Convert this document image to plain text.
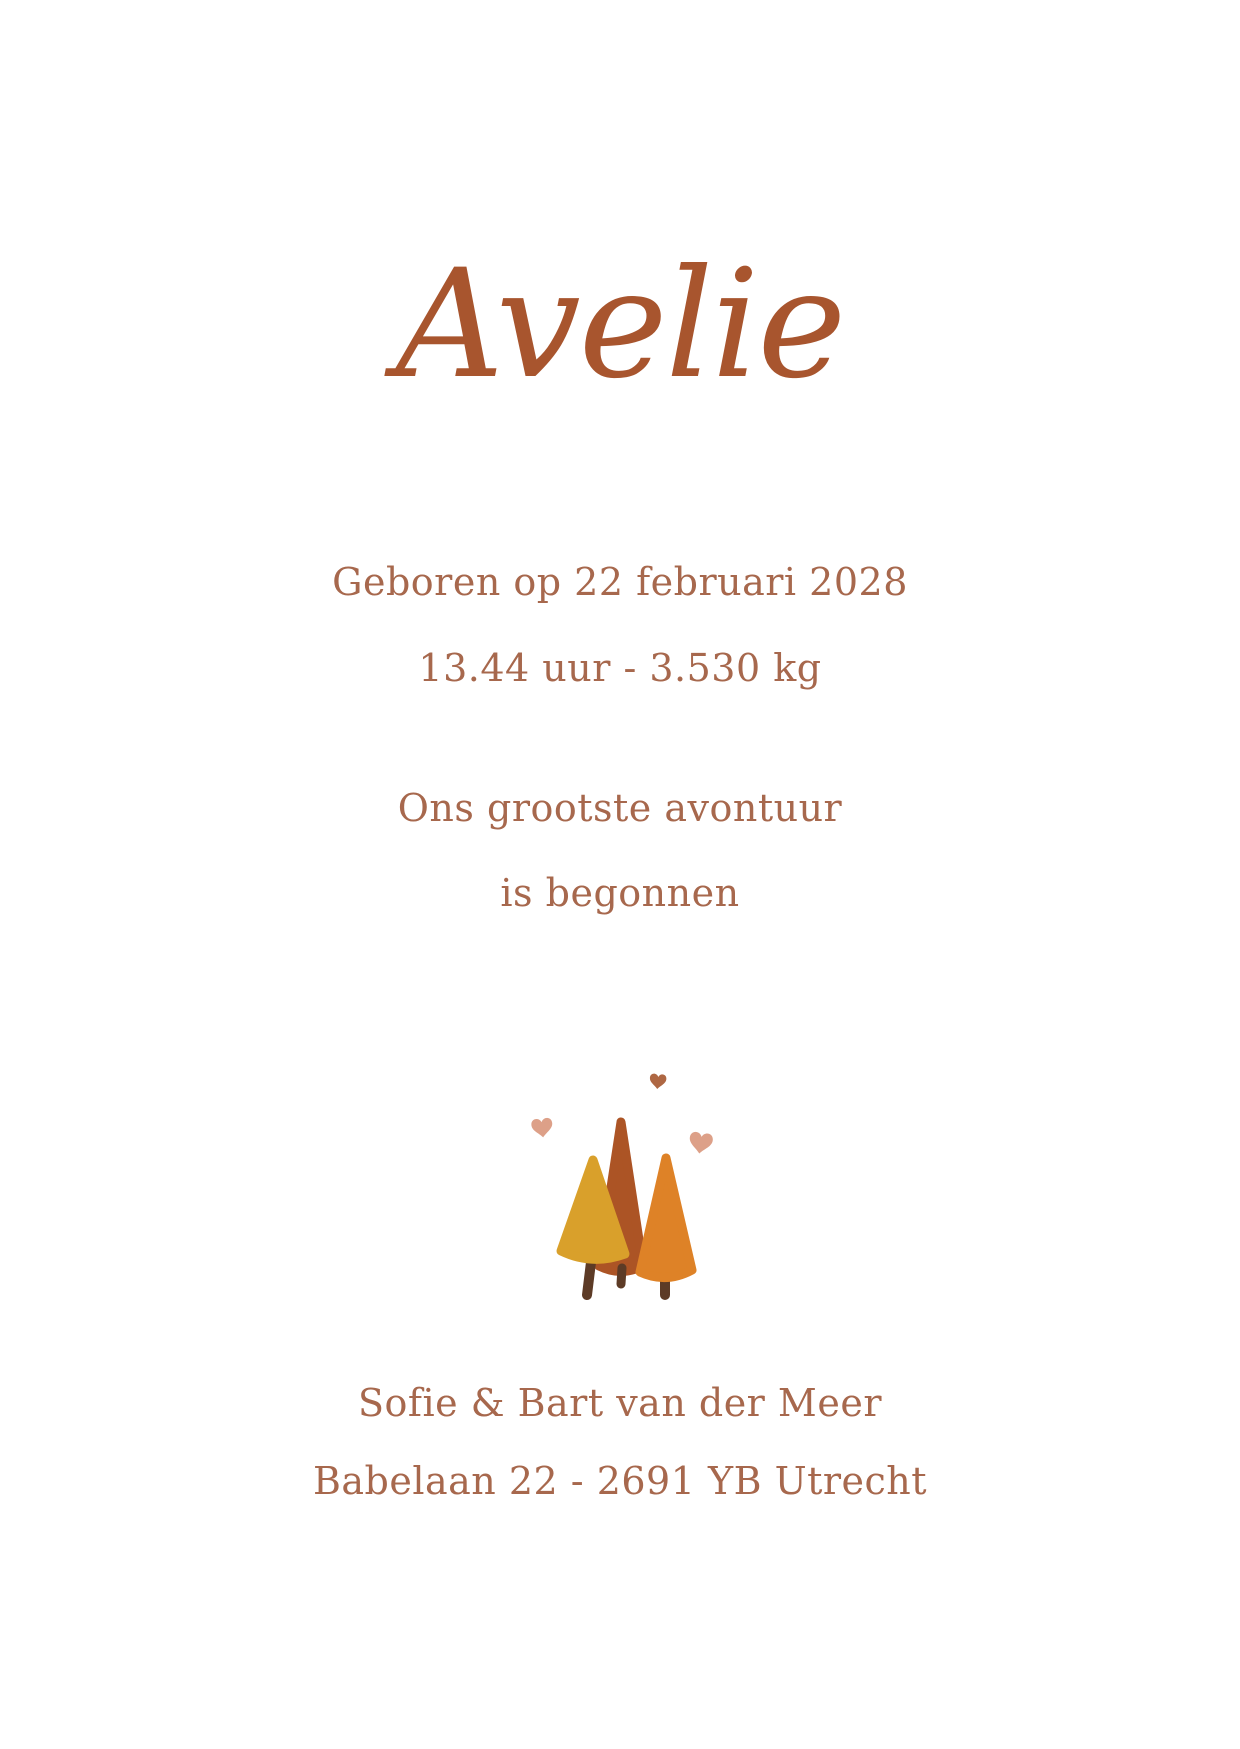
Avelie
Geboren op 22 februari 2028
13.44 uur - 3.530 kg
Ons grootste avontuur
is begonnen
Sofie & Bart van der Meer
Babelaan 22 - 2691 YB Utrecht
